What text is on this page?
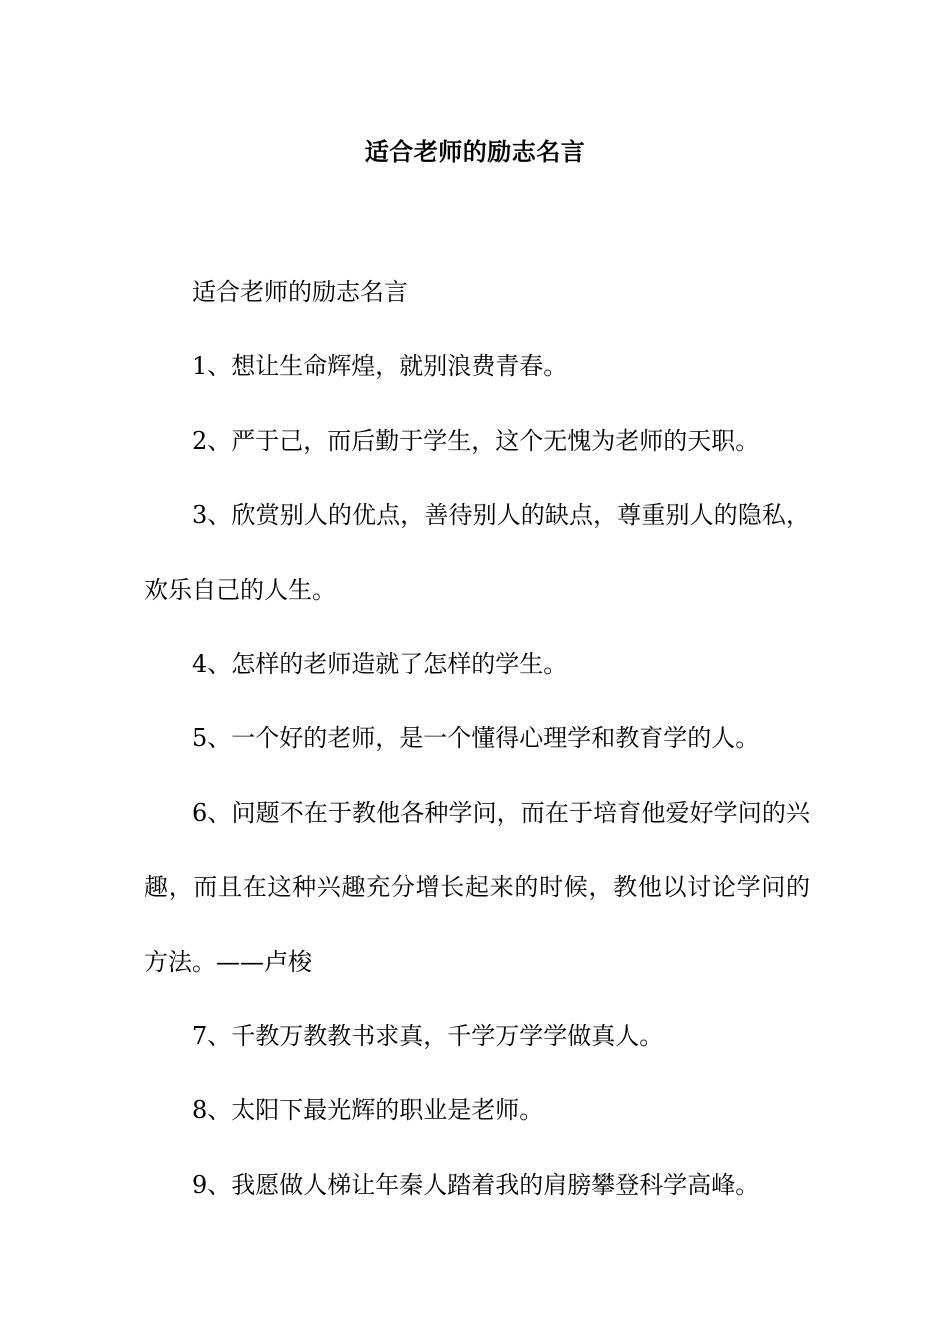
适合老师的励志名言

适合老师的励志名言

1、想让生命辉煌，就别浪费青春。

2、严于己，而后勤于学生，这个无愧为老师的天职。

3、欣赏别人的优点，善待别人的缺点，尊重别人的隐私，欢乐自己的人生。

4、怎样的老师造就了怎样的学生。

5、一个好的老师，是一个懂得心理学和教育学的人。

6、问题不在于教他各种学问，而在于培育他爱好学问的兴趣，而且在这种兴趣充分增长起来的时候，教他以讨论学问的方法。——卢梭

7、千教万教教书求真，千学万学学做真人。

8、太阳下最光辉的职业是老师。

9、我愿做人梯让年秦人踏着我的肩膀攀登科学高峰。
